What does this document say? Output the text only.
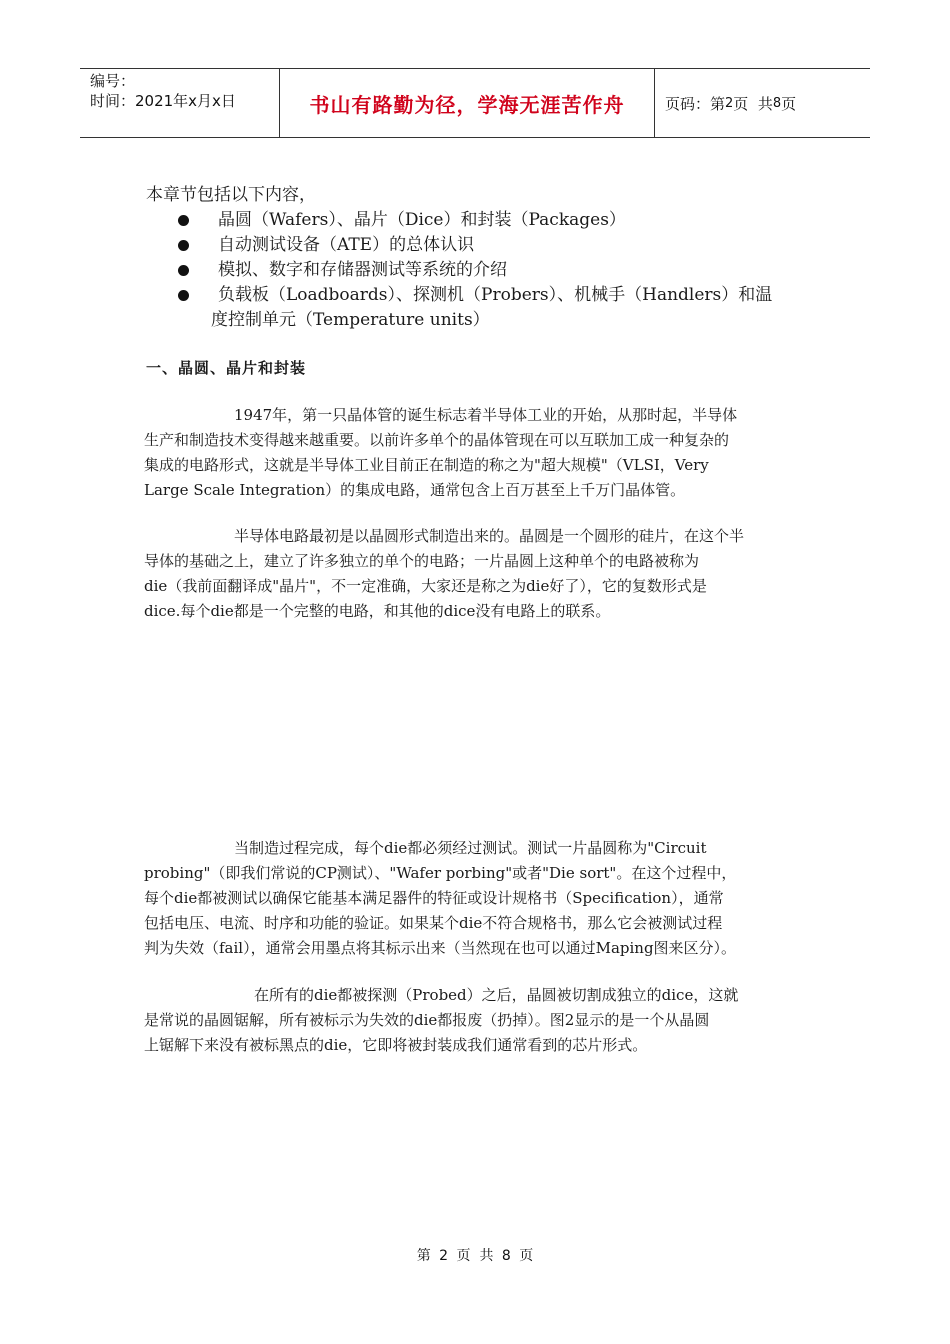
编号：
时间：2021年x月x日	书山有路勤为径，学海无涯苦作舟	页码：第 2 页  共 8 页
本章节包括以下内容，
晶圆（Wafers）、晶片（Dice）和封装（Packages）
自动测试设备（ATE）的总体认识
模拟、数字和存储器测试等系统的介绍
负载板（Loadboards）、探测机（Probers）、机械手（Handlers）和温
度控制单元（Temperature units）
一、晶圆、晶片和封装
1947年，第一只晶体管的诞生标志着半导体工业的开始，从那时起，半导体
生产和制造技术变得越来越重要。以前许多单个的晶体管现在可以互联加工成一种复杂的
集成的电路形式，这就是半导体工业目前正在制造的称之为"超大规模"（VLSI，Very
Large Scale Integration）的集成电路，通常包含上百万甚至上千万门晶体管。
半导体电路最初是以晶圆形式制造出来的。晶圆是一个圆形的硅片，在这个半
导体的基础之上，建立了许多独立的单个的电路；一片晶圆上这种单个的电路被称为
die（我前面翻译成"晶片"，不一定准确，大家还是称之为die好了），它的复数形式是
dice.每个die都是一个完整的电路，和其他的dice没有电路上的联系。
当制造过程完成，每个die都必须经过测试。测试一片晶圆称为"Circuit
probing"（即我们常说的CP测试）、"Wafer porbing"或者"Die sort"。在这个过程中，
每个die都被测试以确保它能基本满足器件的特征或设计规格书（Specification），通常
包括电压、电流、时序和功能的验证。如果某个die不符合规格书，那么它会被测试过程
判为失效（fail），通常会用墨点将其标示出来（当然现在也可以通过Maping图来区分）。
在所有的die都被探测（Probed）之后，晶圆被切割成独立的dice，这就
是常说的晶圆锯解，所有被标示为失效的die都报废（扔掉）。图2显示的是一个从晶圆
上锯解下来没有被标黑点的die，它即将被封装成我们通常看到的芯片形式。
第 2 页  共 8 页
